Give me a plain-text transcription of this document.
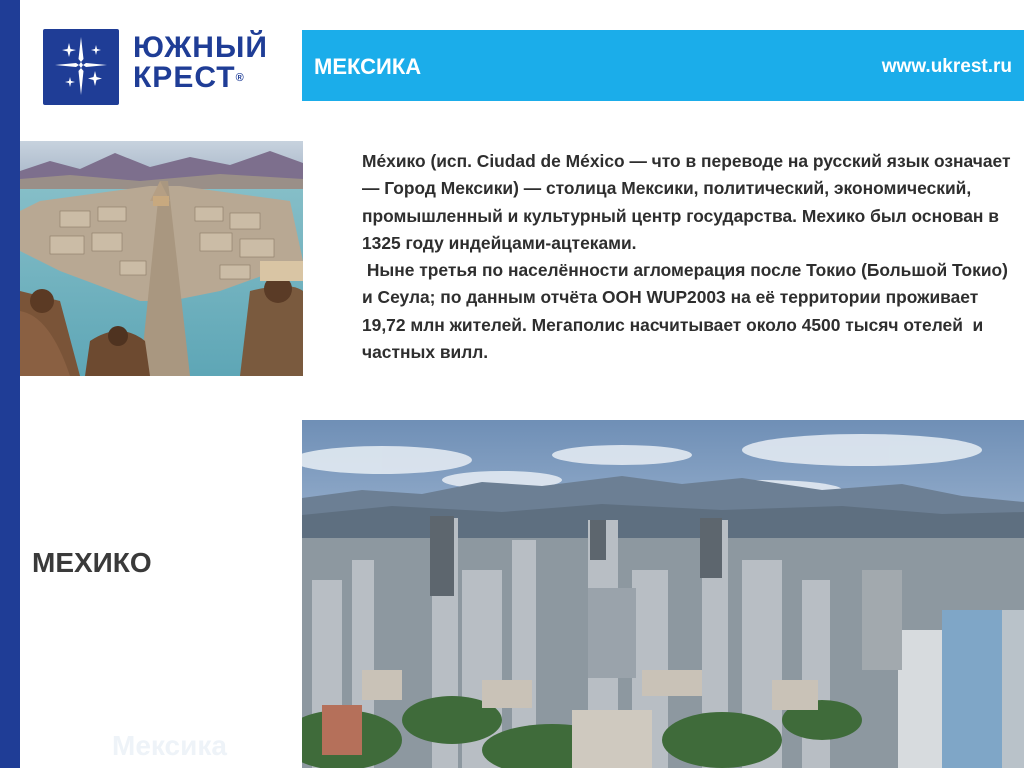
ЮЖНЫЙ
КРЕСТ®	МЕКСИКА	www.ukrest.ru

Ме́хико (исп. Ciudad de México — что в переводе на русский язык означает — Город Мексики) — столица Мексики, политический, экономический, промышленный и культурный центр государства. Мехико был основан в 1325 году индейцами-ацтеками.

Ныне третья по населённости агломерация после Токио (Большой Токио) и Сеула; по данным отчёта ООН WUP2003 на её территории проживает 19,72 млн жителей. Мегаполис насчитывает около 4500 тысяч отелей  и частных вилл.

МЕХИКО
Мексика
